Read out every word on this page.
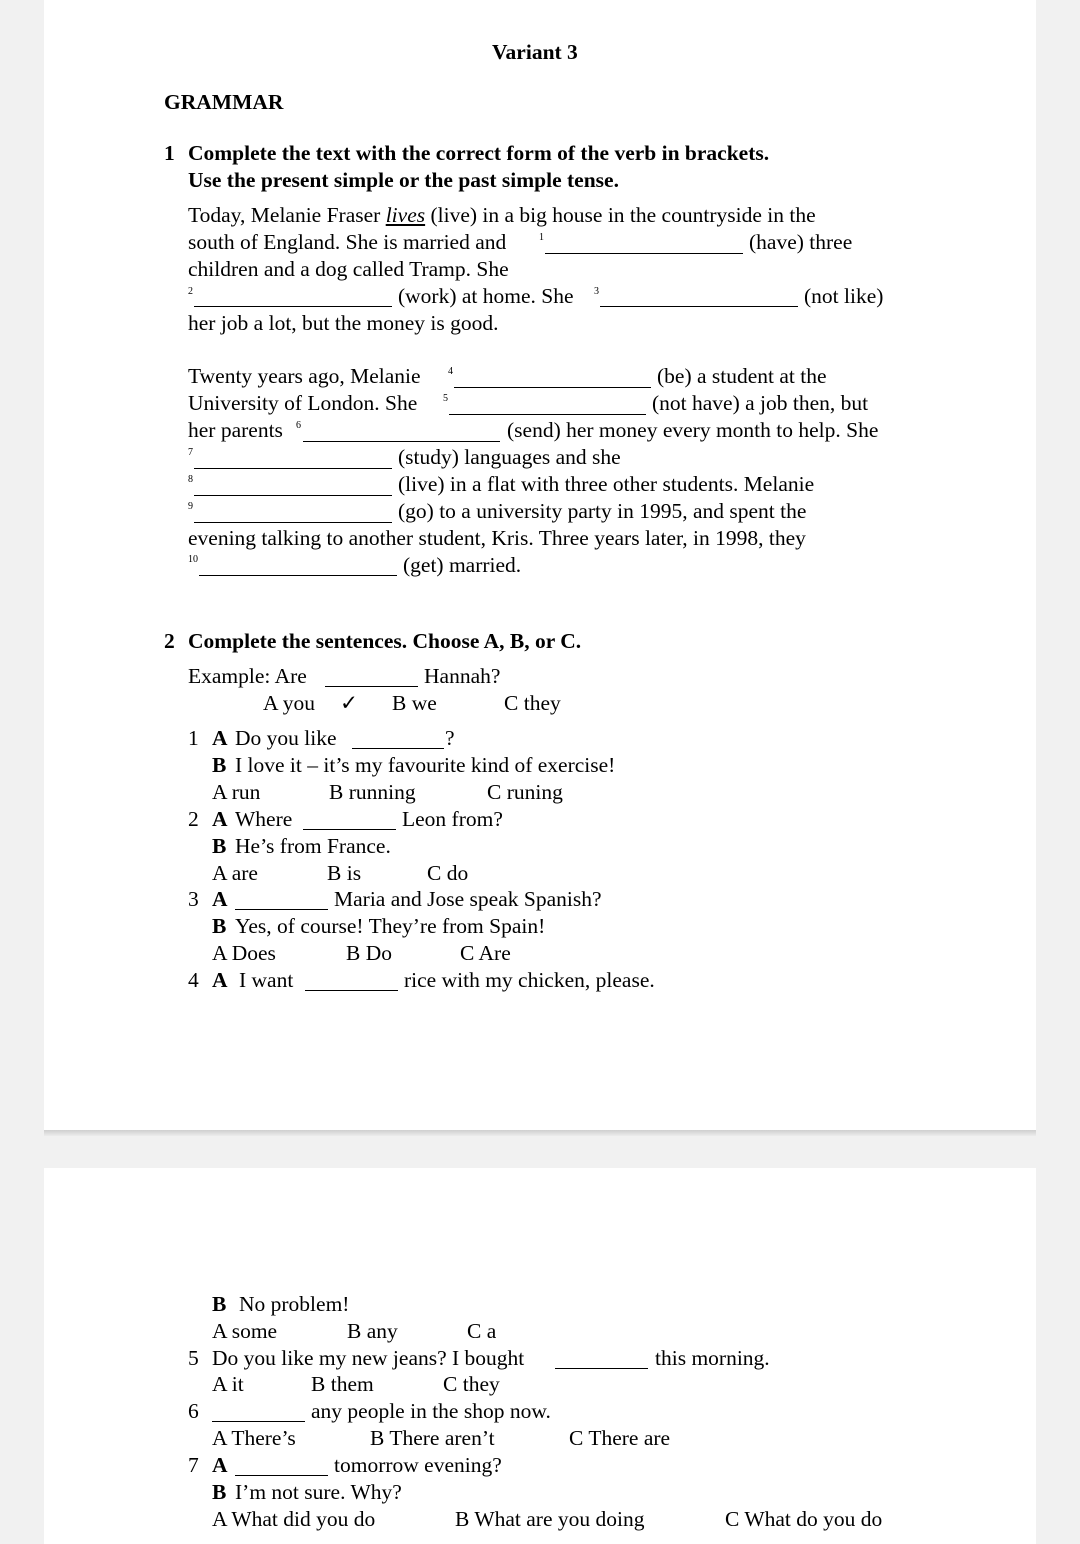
Variant 3
GRAMMAR
1 Complete the text with the correct form of the verb in brackets.
Use the present simple or the past simple tense.
Today, Melanie Fraser lives (live) in a big house in the countryside in the
south of England. She is married and	1	(have) three
children and a dog called Tramp. She
2	(work) at home. She 3	(not like)
her job a lot, but the money is good.
Twenty years ago, Melanie	4	(be) a student at the
University of London. She	5	(not have) a job then, but
her parents 6	(send) her money every month to help. She
7	(study) languages and she
8	(live) in a flat with three other students. Melanie
9	(go) to a university party in 1995, and spent the
evening talking to another student, Kris. Three years later, in 1998, they
10	(get) married.
2 Complete the sentences. Choose A, B, or C.
Example: Are	Hannah?
A you ✓ B we	C they
1 A Do you like	?
B I love it – it’s my favourite kind of exercise!
A run	B running	C runing
2 A Where	Leon from?
B He’s from France.
A are	B is	C do
3 A	Maria and Jose speak Spanish?
B Yes, of course! They’re from Spain!
A Does	B Do	C Are
4 A I want	rice with my chicken, please.
B No problem!
A some	B any	C a
5 Do you like my new jeans? I bought	this morning.
A it	B them	C they
6	any people in the shop now.
A There’s	B There aren’t	C There are
7 A	tomorrow evening?
B I’m not sure. Why?
A What did you do	B What are you doing	C What do you do
